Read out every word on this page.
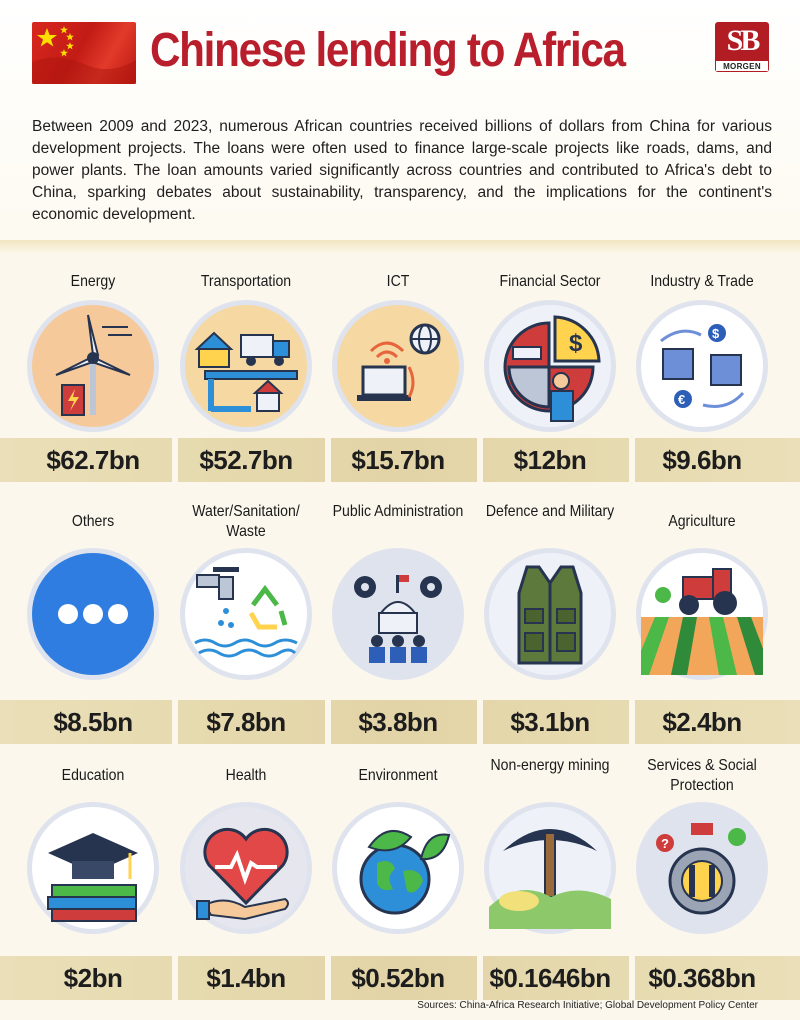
Chinese lending to Africa	SB
MORGEN

Between 2009 and 2023, numerous African countries received billions of dollars from China for various development projects. The loans were often used to finance large-scale projects like roads, dams, and power plants. The loan amounts varied significantly across countries and contributed to Africa's debt to China, sparking debates about sustainability, transparency, and the implications for the continent's economic development.

Energy
$62.7bn
Transportation
$52.7bn
ICT
$15.7bn
Financial Sector
$
$12bn
Industry & Trade
$
€
$9.6bn
Others
$8.5bn
Water/Sanitation/ Waste
$7.8bn
Public Administration
$3.8bn
Defence and Military
$3.1bn
Agriculture
$2.4bn
Education
$2bn
Health
$1.4bn
Environment
$0.52bn
Non-energy mining
$0.1646bn
Services & Social Protection
?
$0.368bn
Sources: China-Africa Research Initiative; Global Development Policy Center
